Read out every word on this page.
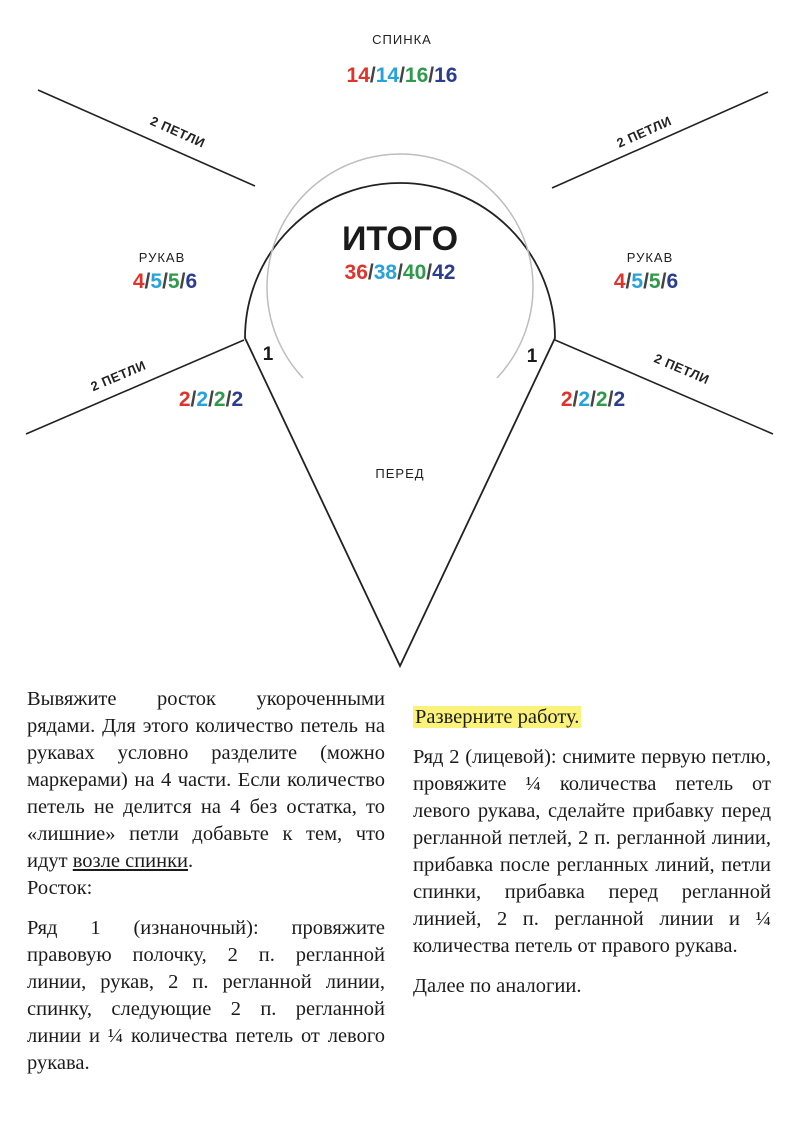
СПИНКА
14/14/16/16
ИТОГО
36/38/40/42
РУКАВ
4/5/5/6
РУКАВ
4/5/5/6
2 ПЕТЛИ	2 ПЕТЛИ
2 ПЕТЛИ	2 ПЕТЛИ
1	1
2/2/2/2	2/2/2/2
ПЕРЕД

Вывяжите росток укороченными рядами. Для этого количество петель на рукавах условно разделите (можно маркерами) на 4 части. Если количество петель не делится на 4 без остатка, то «лишние» петли добавьте к тем, что идут возле спинки.
Росток:

Ряд 1 (изнаночный): провяжите правовую полочку, 2 п. регланной линии, рукав, 2 п. регланной линии, спинку, следующие 2 п. регланной линии и ¼ количества петель от левого рукава.

Разверните работу.

Ряд 2 (лицевой): снимите первую петлю, провяжите ¼ количества петель от левого рукава, сделайте прибавку перед регланной петлей, 2 п. регланной линии, прибавка после регланных линий, петли спинки, прибавка перед регланной линией, 2 п. регланной линии и ¼ количества петель от правого рукава.

Далее по аналогии.
